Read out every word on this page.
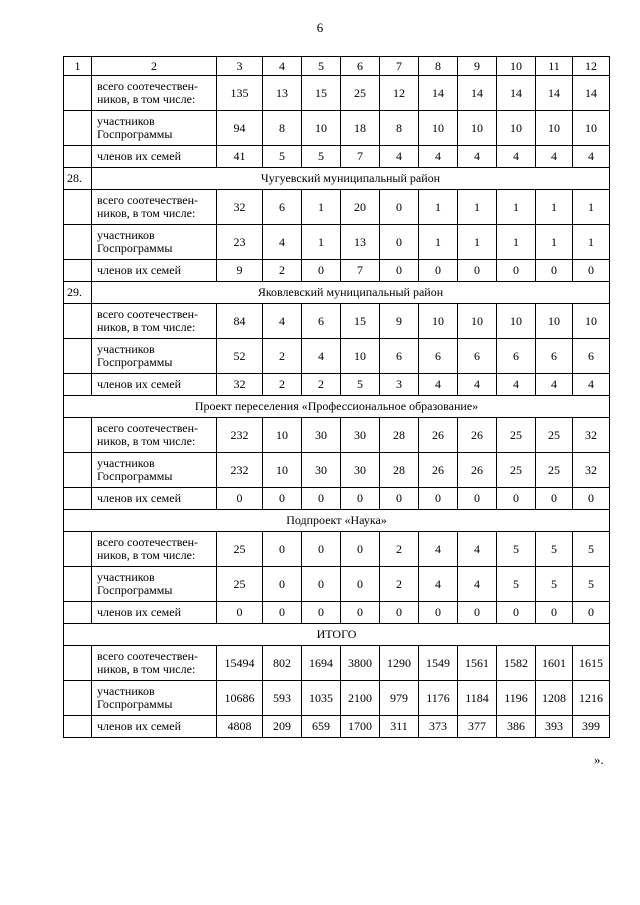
6
1	2	3	4	5	6	7	8	9	10	11	12
	всего соотечествен-ников, в том числе:	135	13	15	25	12	14	14	14	14	14
	участников Госпрограммы	94	8	10	18	8	10	10	10	10	10
	членов их семей	41	5	5	7	4	4	4	4	4	4
28.	Чугуевский муниципальный район										
	всего соотечествен-ников, в том числе:	32	6	1	20	0	1	1	1	1	1
	участников Госпрограммы	23	4	1	13	0	1	1	1	1	1
	членов их семей	9	2	0	7	0	0	0	0	0	0
29.	Яковлевский муниципальный район										
	всего соотечествен-ников, в том числе:	84	4	6	15	9	10	10	10	10	10
	участников Госпрограммы	52	2	4	10	6	6	6	6	6	6
	членов их семей	32	2	2	5	3	4	4	4	4	4
Проект переселения «Профессиональное образование»											
	всего соотечествен-ников, в том числе:	232	10	30	30	28	26	26	25	25	32
	участников Госпрограммы	232	10	30	30	28	26	26	25	25	32
	членов их семей	0	0	0	0	0	0	0	0	0	0
Подпроект «Наука»											
	всего соотечествен-ников, в том числе:	25	0	0	0	2	4	4	5	5	5
	участников Госпрограммы	25	0	0	0	2	4	4	5	5	5
	членов их семей	0	0	0	0	0	0	0	0	0	0
ИТОГО											
	всего соотечествен-ников, в том числе:	15494	802	1694	3800	1290	1549	1561	1582	1601	1615
	участников Госпрограммы	10686	593	1035	2100	979	1176	1184	1196	1208	1216
	членов их семей	4808	209	659	1700	311	373	377	386	393	399
».
